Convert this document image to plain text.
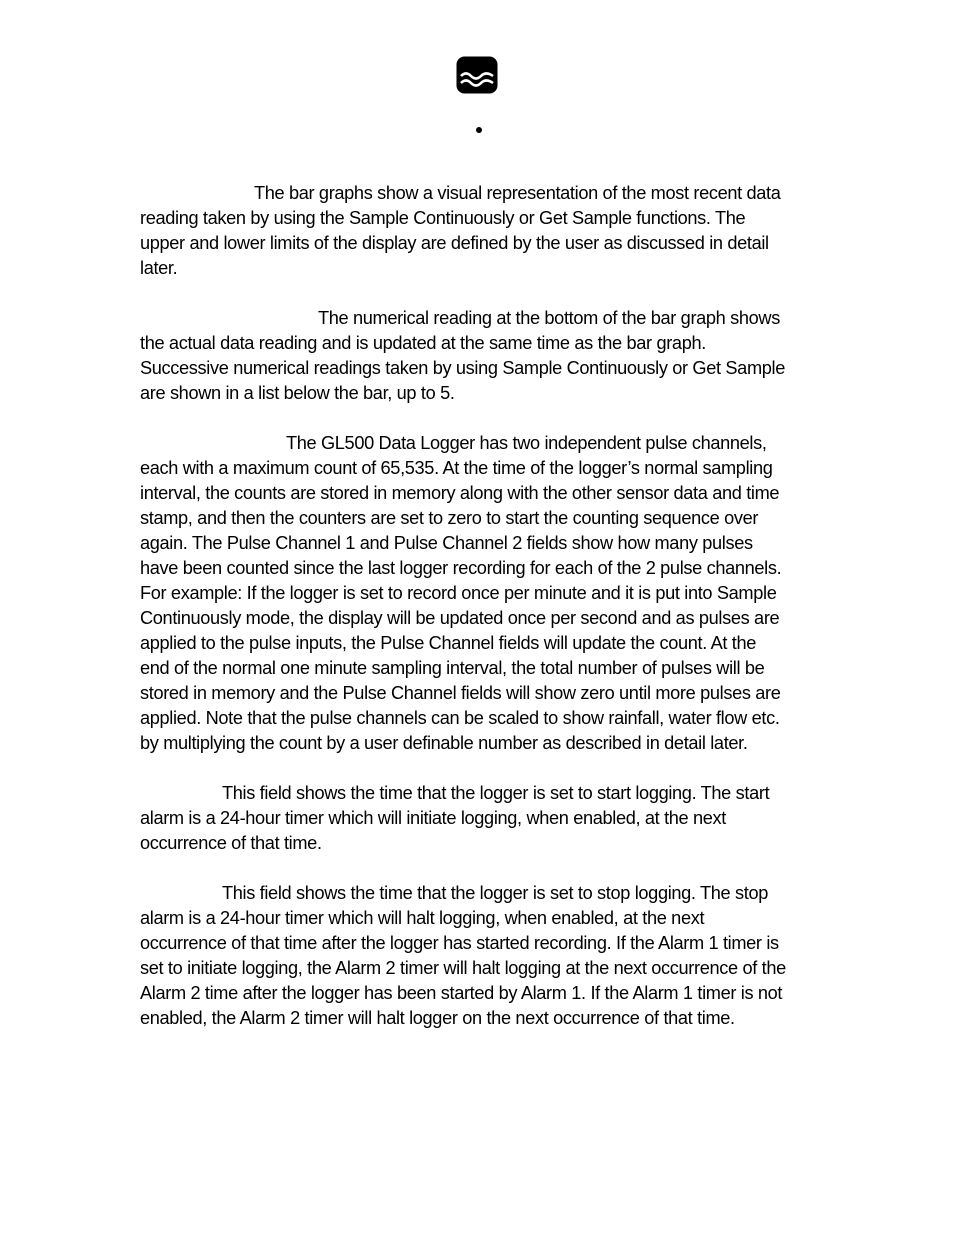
The bar graphs show a visual representation of the most recent data
reading taken by using the Sample Continuously or Get Sample functions. The
upper and lower limits of the display are defined by the user as discussed in detail
later.

The numerical reading at the bottom of the bar graph shows
the actual data reading and is updated at the same time as the bar graph.
Successive numerical readings taken by using Sample Continuously or Get Sample
are shown in a list below the bar, up to 5.

The GL500 Data Logger has two independent pulse channels,
each with a maximum count of 65,535. At the time of the logger’s normal sampling
interval, the counts are stored in memory along with the other sensor data and time
stamp, and then the counters are set to zero to start the counting sequence over
again. The Pulse Channel 1 and Pulse Channel 2 fields show how many pulses
have been counted since the last logger recording for each of the 2 pulse channels.
For example: If the logger is set to record once per minute and it is put into Sample
Continuously mode, the display will be updated once per second and as pulses are
applied to the pulse inputs, the Pulse Channel fields will update the count. At the
end of the normal one minute sampling interval, the total number of pulses will be
stored in memory and the Pulse Channel fields will show zero until more pulses are
applied. Note that the pulse channels can be scaled to show rainfall, water flow etc.
by multiplying the count by a user definable number as described in detail later.

This field shows the time that the logger is set to start logging. The start
alarm is a 24-hour timer which will initiate logging, when enabled, at the next
occurrence of that time.

This field shows the time that the logger is set to stop logging. The stop
alarm is a 24-hour timer which will halt logging, when enabled, at the next
occurrence of that time after the logger has started recording. If the Alarm 1 timer is
set to initiate logging, the Alarm 2 timer will halt logging at the next occurrence of the
Alarm 2 time after the logger has been started by Alarm 1. If the Alarm 1 timer is not
enabled, the Alarm 2 timer will halt logger on the next occurrence of that time.
